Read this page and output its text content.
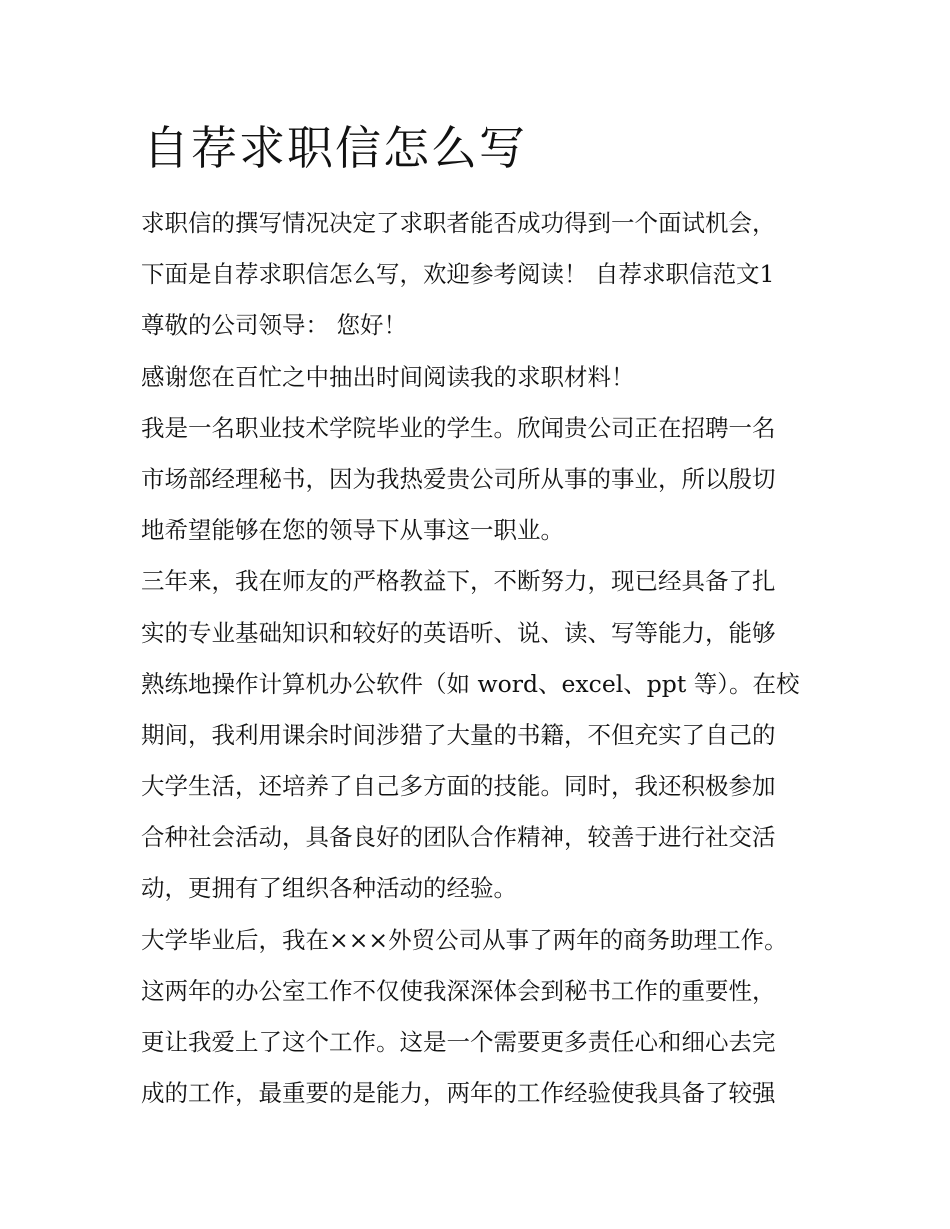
自荐求职信怎么写
求职信的撰写情况决定了求职者能否成功得到一个面试机会，
下面是自荐求职信怎么写，欢迎参考阅读！ 自荐求职信范文1
尊敬的公司领导： 您好！
感谢您在百忙之中抽出时间阅读我的求职材料！
我是一名职业技术学院毕业的学生。欣闻贵公司正在招聘一名
市场部经理秘书，因为我热爱贵公司所从事的事业，所以殷切
地希望能够在您的领导下从事这一职业。
三年来，我在师友的严格教益下，不断努力，现已经具备了扎
实的专业基础知识和较好的英语听、说、读、写等能力，能够
熟练地操作计算机办公软件（如 word、excel、ppt 等）。在校
期间，我利用课余时间涉猎了大量的书籍，不但充实了自己的
大学生活，还培养了自己多方面的技能。同时，我还积极参加
合种社会活动，具备良好的团队合作精神，较善于进行社交活
动，更拥有了组织各种活动的经验。
大学毕业后，我在×××外贸公司从事了两年的商务助理工作。
这两年的办公室工作不仅使我深深体会到秘书工作的重要性，
更让我爱上了这个工作。这是一个需要更多责任心和细心去完
成的工作，最重要的是能力，两年的工作经验使我具备了较强
